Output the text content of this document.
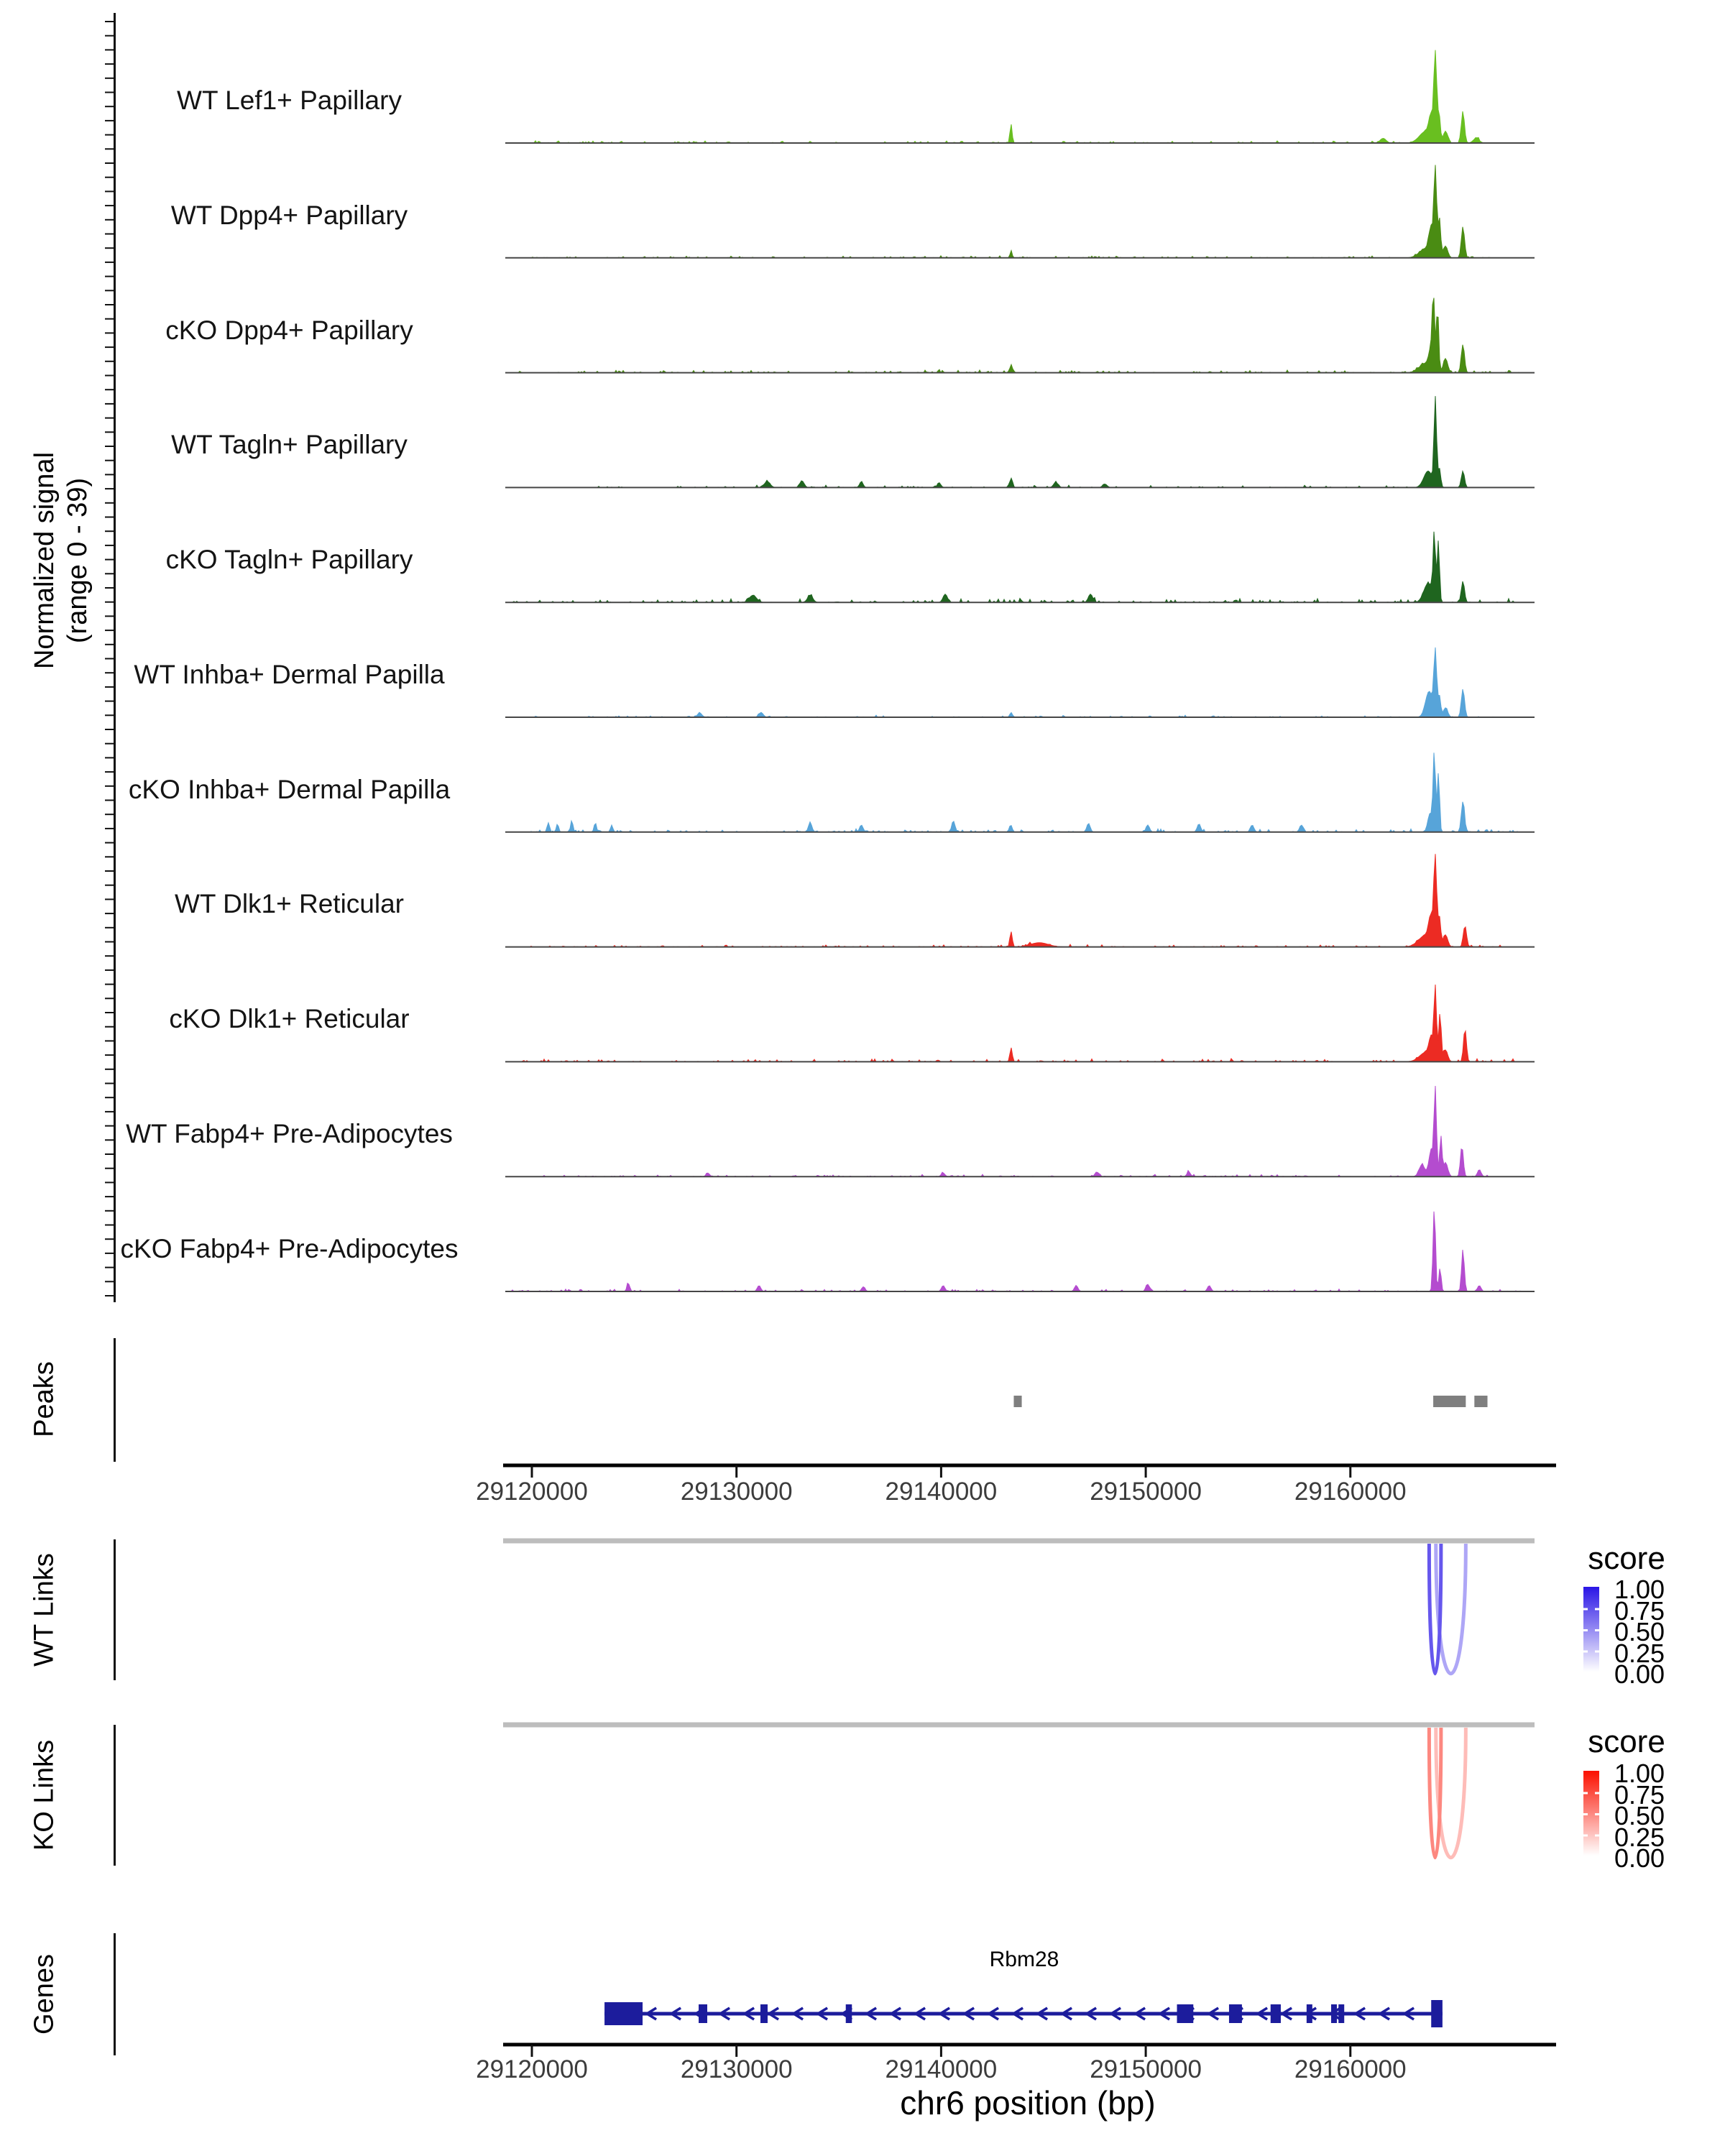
Normalized signal (range 0 - 39)
Peaks
WT Links
KO Links
Genes
WT Lef1+ Papillary
WT Dpp4+ Papillary
cKO Dpp4+ Papillary
WT Tagln+ Papillary
cKO Tagln+ Papillary
WT Inhba+ Dermal Papilla
cKO Inhba+ Dermal Papilla
WT Dlk1+ Reticular
cKO Dlk1+ Reticular
WT Fabp4+ Pre-Adipocytes
cKO Fabp4+ Pre-Adipocytes
score
score
Rbm28
chr6 position (bp)
29120000
29120000
29130000
29130000
29140000
29140000
29150000
29150000
29160000
29160000
1.00
0.75
0.50
0.25
0.00
1.00
0.75
0.50
0.25
0.00
